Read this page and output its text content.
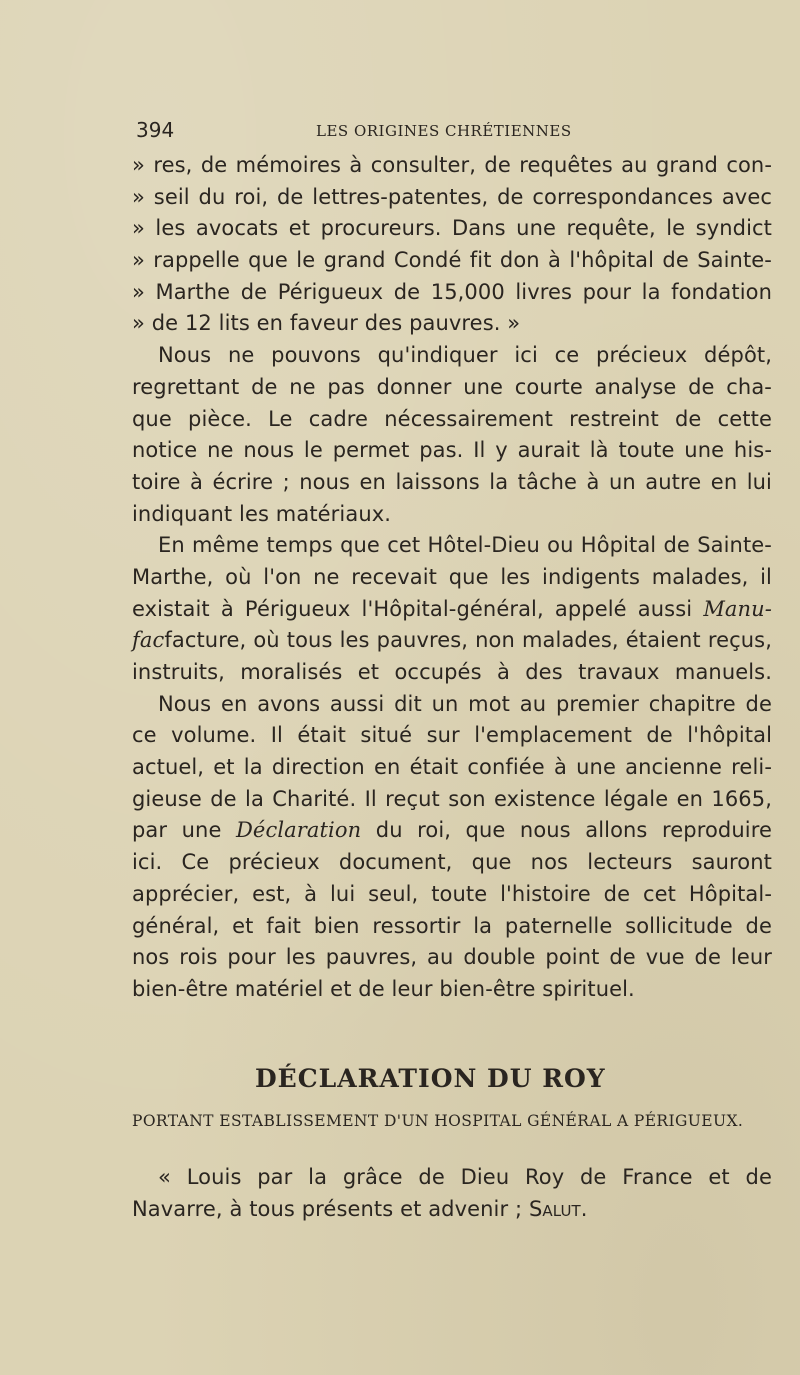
394	LES ORIGINES CHRÉTIENNES
» res, de mémoires à consulter, de requêtes au grand con-
» seil du roi, de lettres-patentes, de correspondances avec
» les avocats et procureurs. Dans une requête, le syndict
» rappelle que le grand Condé fit don à l'hôpital de Sainte-
» Marthe de Périgueux de 15,000 livres pour la fondation
» de 12 lits en faveur des pauvres. »
Nous ne pouvons qu'indiquer ici ce précieux dépôt,
regrettant de ne pas donner une courte analyse de cha-
que pièce. Le cadre nécessairement restreint de cette
notice ne nous le permet pas. Il y aurait là toute une his-
toire à écrire ; nous en laissons la tâche à un autre en lui
indiquant les matériaux.
En même temps que cet Hôtel-Dieu ou Hôpital de Sainte-
Marthe, où l'on ne recevait que les indigents malades, il
existait à Périgueux l'Hôpital-général, appelé aussi Manu-
facfacture, où tous les pauvres, non malades, étaient reçus,
instruits, moralisés et occupés à des travaux manuels.
Nous en avons aussi dit un mot au premier chapitre de
ce volume. Il était situé sur l'emplacement de l'hôpital
actuel, et la direction en était confiée à une ancienne reli-
gieuse de la Charité. Il reçut son existence légale en 1665,
par une Déclaration du roi, que nous allons reproduire
ici. Ce précieux document, que nos lecteurs sauront
apprécier, est, à lui seul, toute l'histoire de cet Hôpital-
général, et fait bien ressortir la paternelle sollicitude de
nos rois pour les pauvres, au double point de vue de leur
bien-être matériel et de leur bien-être spirituel.
DÉCLARATION DU ROY
PORTANT ESTABLISSEMENT D'UN HOSPITAL GÉNÉRAL A PÉRIGUEUX.
« Louis par la grâce de Dieu Roy de France et de
Navarre, à tous présents et advenir ; Salut.
